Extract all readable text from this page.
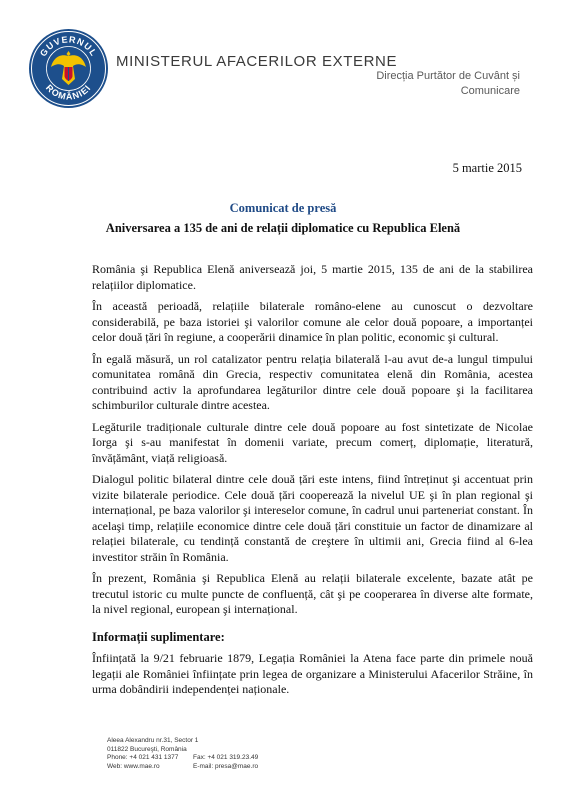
GUVERNUL
ROMÂNIEI
MINISTERUL AFACERILOR EXTERNE
Direcția Purtător de Cuvânt și
Comunicare
5 martie 2015
Comunicat de presă
Aniversarea a 135 de ani de relații diplomatice cu Republica Elenă

România şi Republica Elenă aniversează joi, 5 martie 2015, 135 de ani de la stabilirea relațiilor diplomatice.

În această perioadă, relațiile bilaterale româno-elene au cunoscut o dezvoltare considerabilă, pe baza istoriei şi valorilor comune ale celor două popoare, a importanței celor două țări în regiune, a cooperării dinamice în plan politic, economic şi cultural.

În egală măsură, un rol catalizator pentru relația bilaterală l-au avut de-a lungul timpului comunitatea română din Grecia, respectiv comunitatea elenă din România, acestea contribuind activ la aprofundarea legăturilor dintre cele două popoare şi la facilitarea schimburilor culturale dintre acestea.

Legăturile tradiționale culturale dintre cele două popoare au fost sintetizate de Nicolae Iorga şi s-au manifestat în domenii variate, precum comerț, diplomație, literatură, învățământ, viață religioasă.

Dialogul politic bilateral dintre cele două țări este intens, fiind întreținut şi accentuat prin vizite bilaterale periodice. Cele două țări cooperează la nivelul UE şi în plan regional şi internațional, pe baza valorilor şi intereselor comune, în cadrul unui parteneriat constant. În acelaşi timp, relațiile economice dintre cele două țări constituie un factor de dinamizare al relației bilaterale, cu tendință constantă de creştere în ultimii ani, Grecia fiind al 6-lea investitor străin în România.

În prezent, România şi Republica Elenă au relații bilaterale excelente, bazate atât pe trecutul istoric cu multe puncte de confluență, cât şi pe cooperarea în diverse alte formate, la nivel regional, european şi internațional.

Informații suplimentare:

Înființată la 9/21 februarie 1879, Legația României la Atena face parte din primele nouă legații ale României înființate prin legea de organizare a Ministerului Afacerilor Străine, în urma dobândirii independenței naționale.

Aleea Alexandru nr.31, Sector 1
011822 Bucureşti, România
Phone: +4 021 431 1377 Fax: +4 021 319.23.49
Web: www.mae.ro	E-mail: presa@mae.ro
